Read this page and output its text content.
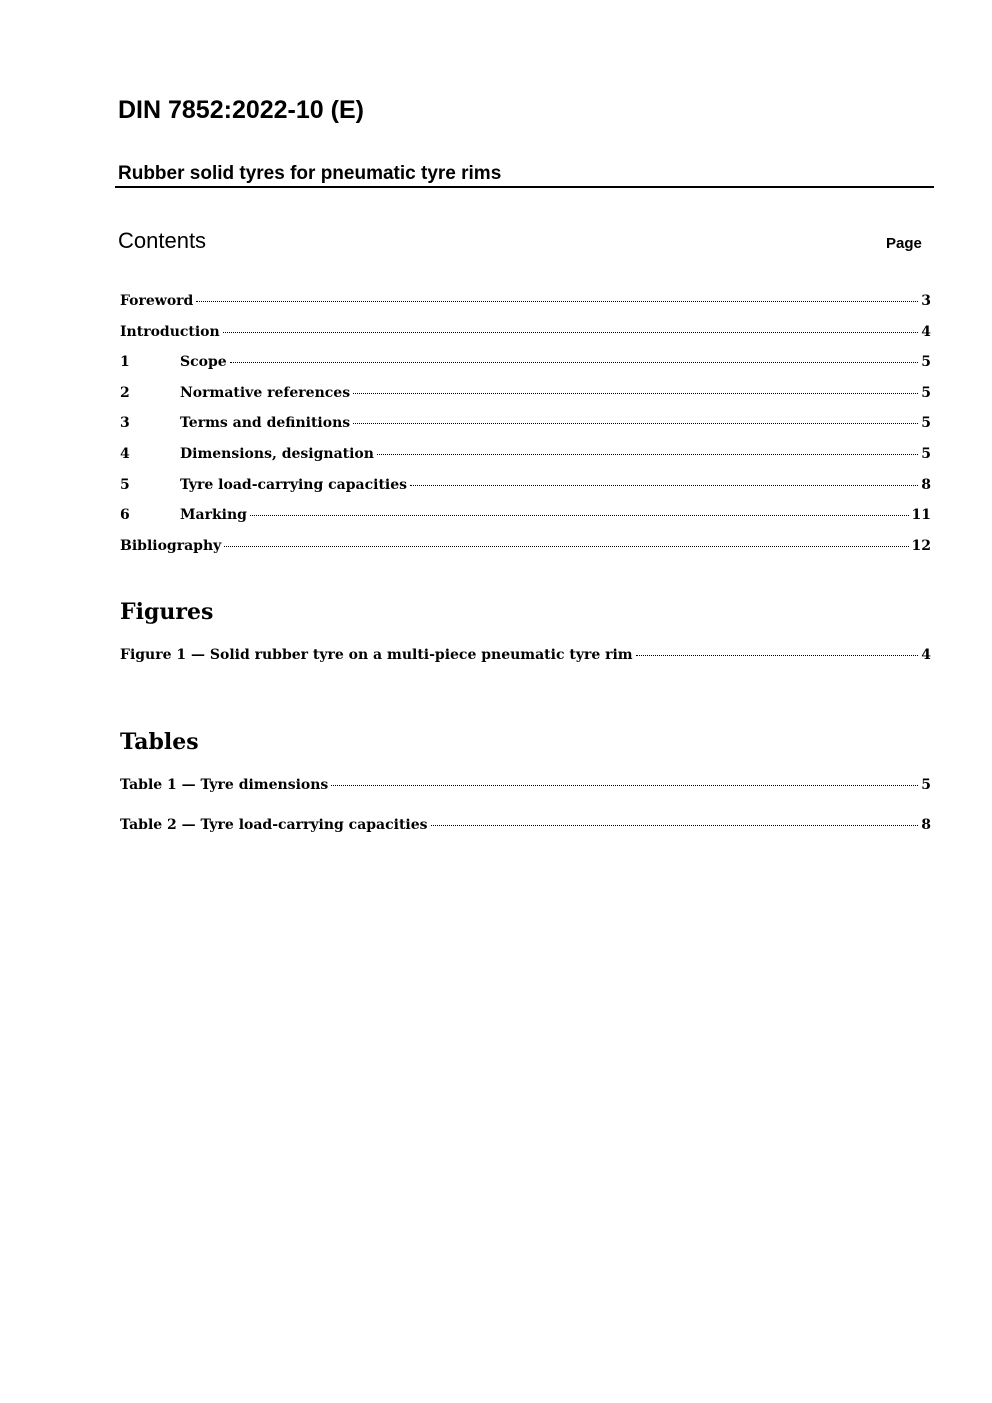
DIN 7852:2022-10 (E)
Rubber solid tyres for pneumatic tyre rims
Contents	Page
Foreword	3
Introduction	4
1	Scope	5
2	Normative references	5
3	Terms and definitions	5
4	Dimensions, designation	5
5	Tyre load-carrying capacities	8
6	Marking	11
Bibliography	12
Figures
Figure 1 — Solid rubber tyre on a multi-piece pneumatic tyre rim	4
Tables
Table 1 — Tyre dimensions	5
Table 2 — Tyre load-carrying capacities	8
